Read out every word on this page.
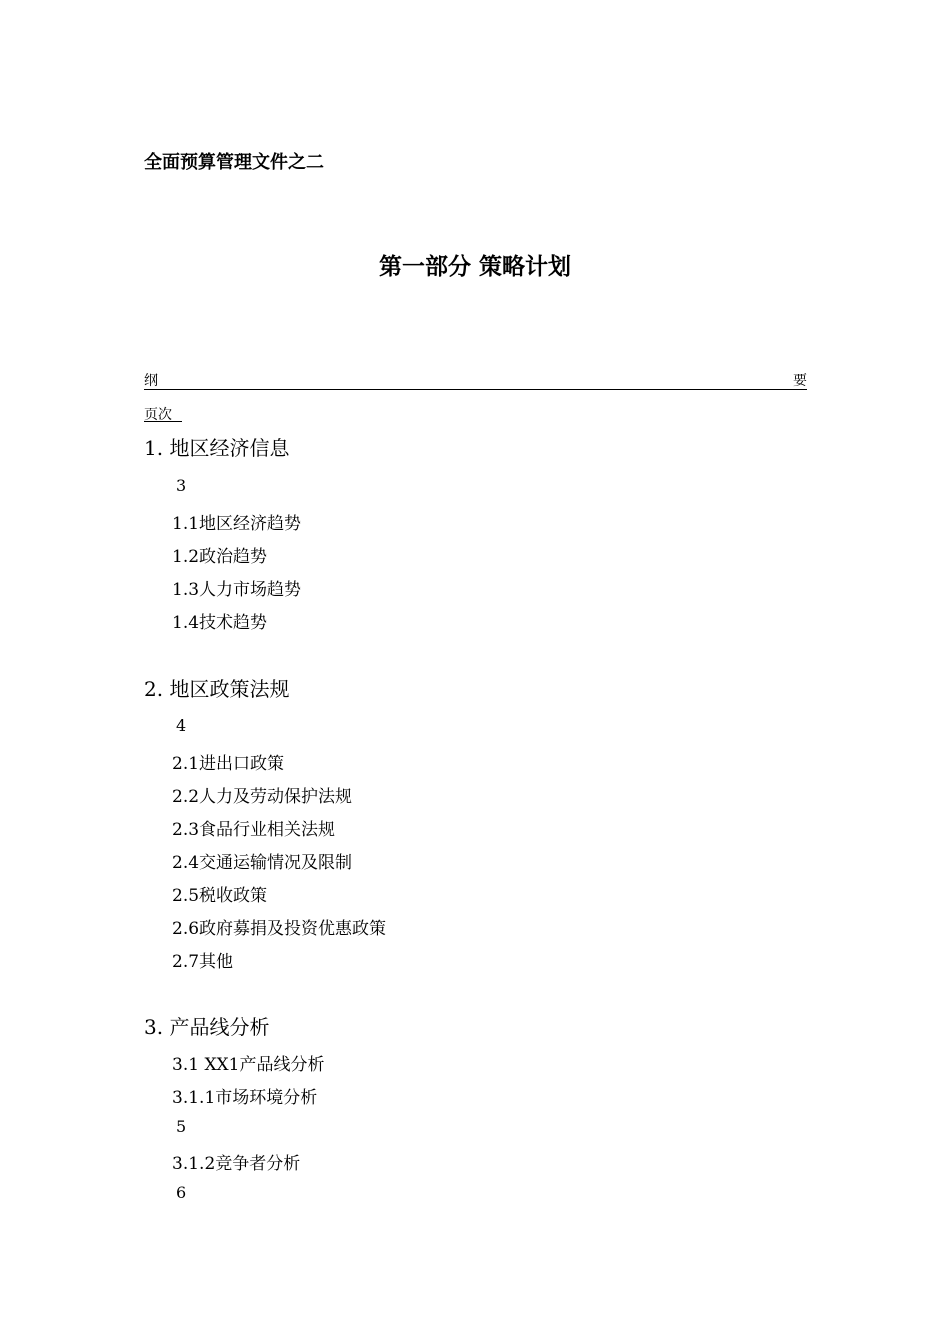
全面预算管理文件之二
第一部分 策略计划
纲	要
页次
1. 地区经济信息
3
1.1地区经济趋势
1.2政治趋势
1.3人力市场趋势
1.4技术趋势
2. 地区政策法规
4
2.1进出口政策
2.2人力及劳动保护法规
2.3食品行业相关法规
2.4交通运输情况及限制
2.5税收政策
2.6政府募捐及投资优惠政策
2.7其他
3. 产品线分析
3.1 XX1产品线分析
3.1.1市场环境分析
5
3.1.2竞争者分析
6
